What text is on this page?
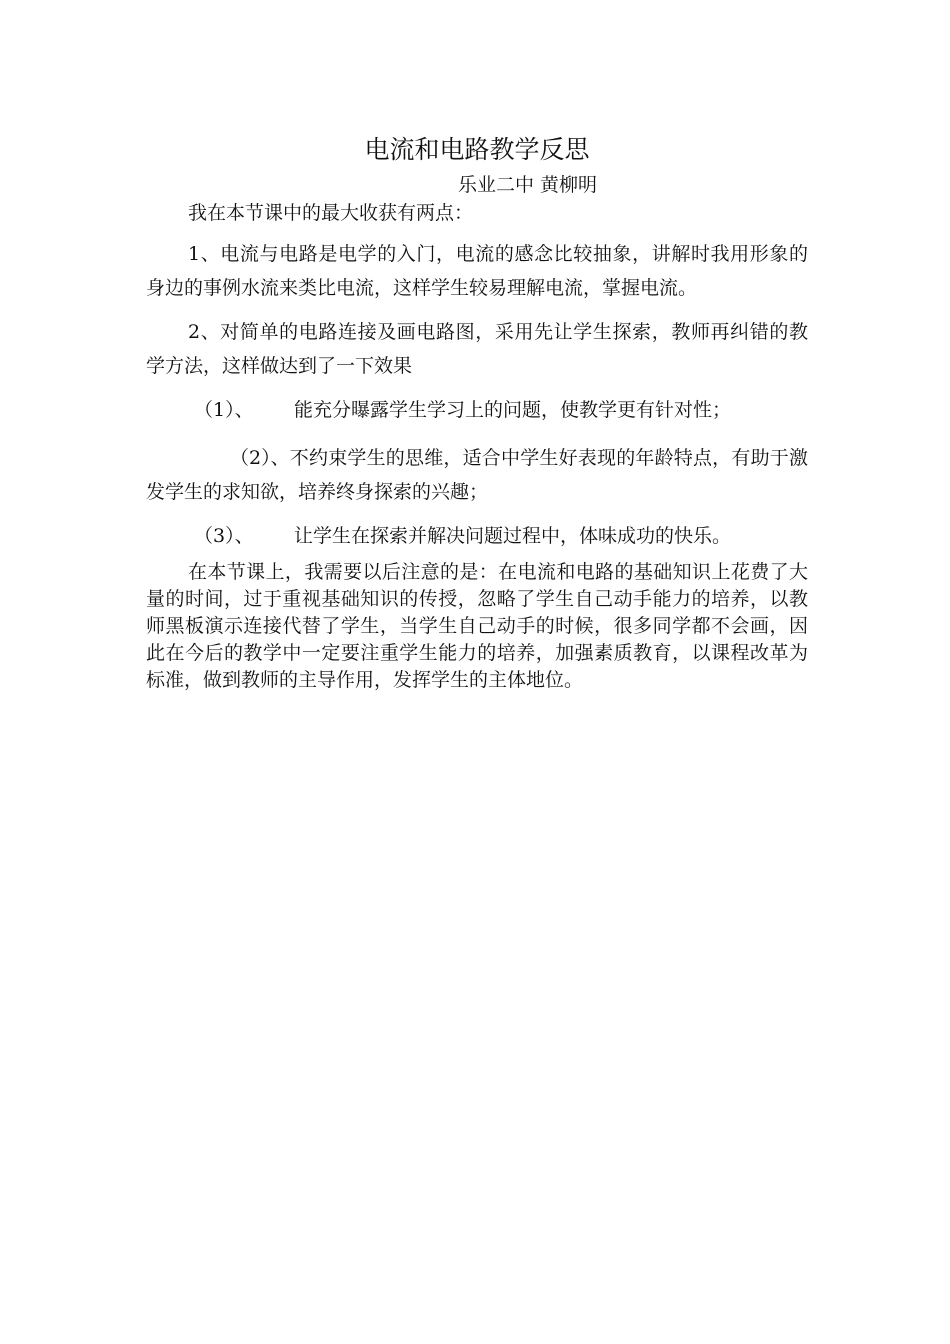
电流和电路教学反思

乐业二中 黄柳明

我在本节课中的最大收获有两点：

1、电流与电路是电学的入门，电流的感念比较抽象，讲解时我用形象的身边的事例水流来类比电流，这样学生较易理解电流，掌握电流。

2、对简单的电路连接及画电路图，采用先让学生探索，教师再纠错的教学方法，这样做达到了一下效果

（1）、 能充分曝露学生学习上的问题，使教学更有针对性；

（2）、不约束学生的思维，适合中学生好表现的年龄特点，有助于激发学生的求知欲，培养终身探索的兴趣；

（3）、 让学生在探索并解决问题过程中，体味成功的快乐。

在本节课上，我需要以后注意的是：在电流和电路的基础知识上花费了大量的时间，过于重视基础知识的传授，忽略了学生自己动手能力的培养，以教师黑板演示连接代替了学生，当学生自己动手的时候，很多同学都不会画，因此在今后的教学中一定要注重学生能力的培养，加强素质教育，以课程改革为标准，做到教师的主导作用，发挥学生的主体地位。
